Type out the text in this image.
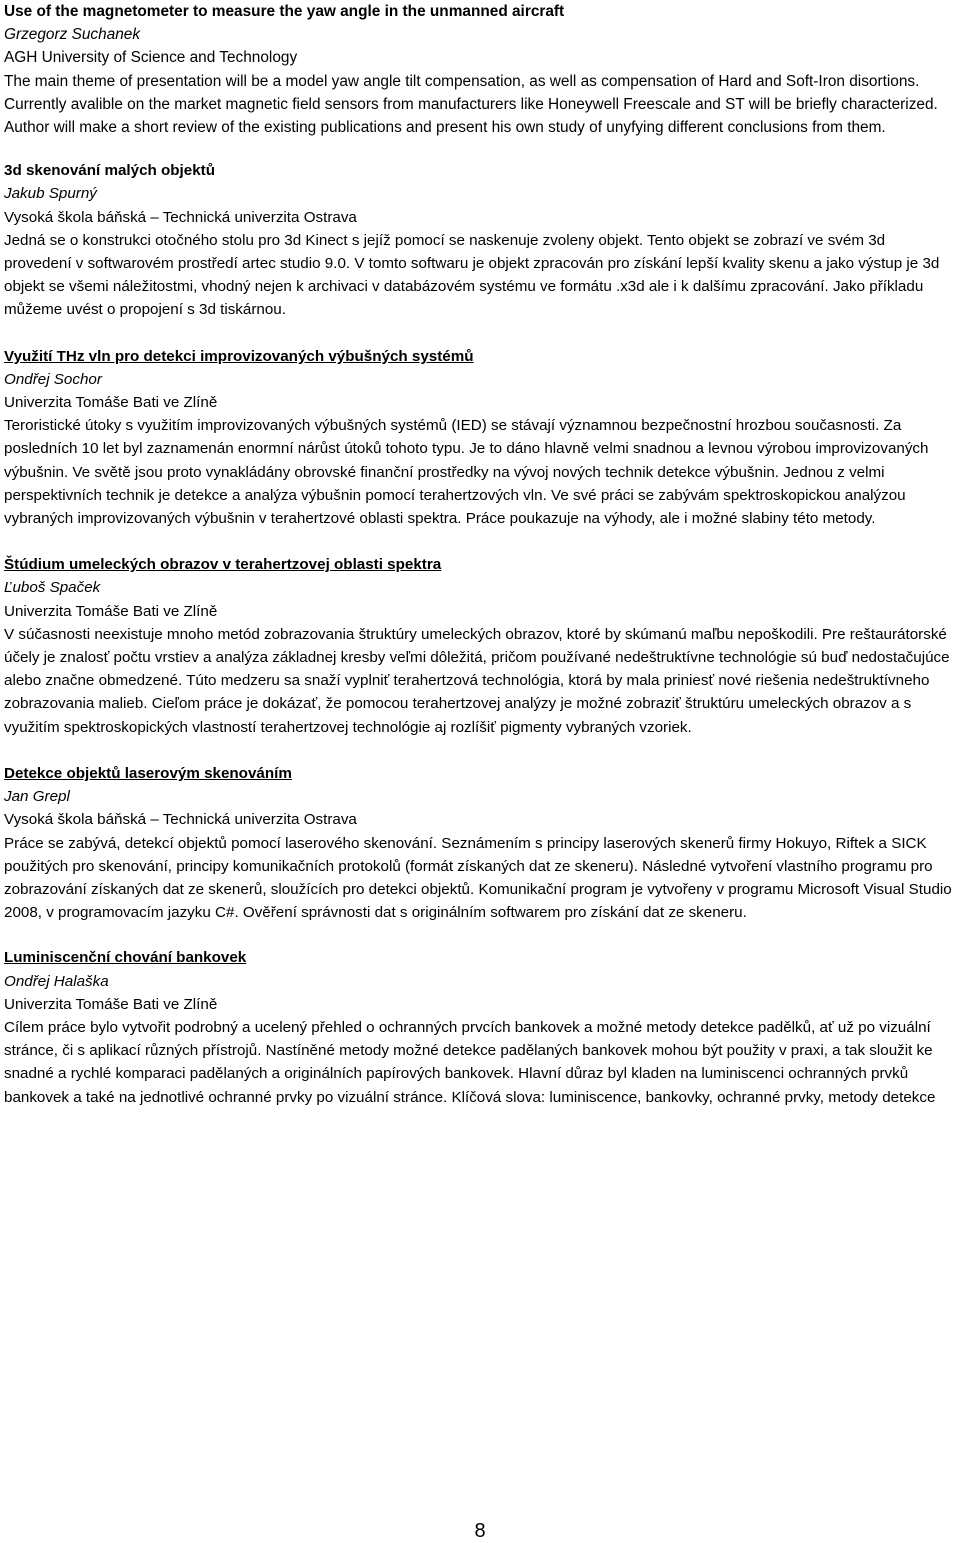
Use of the magnetometer to measure the yaw angle in the unmanned aircraft

Grzegorz Suchanek

AGH University of Science and Technology

The main theme of presentation will be a model yaw angle tilt compensation, as well as compensation of Hard and Soft-Iron disortions. Currently avalible on the market magnetic field sensors from manufacturers like Honeywell Freescale and ST will be briefly characterized. Author will make a short review of the existing publications and present his own study of unyfying different conclusions from them.

3d skenování malých objektů

Jakub Spurný

Vysoká škola báňská – Technická univerzita Ostrava

Jedná se o konstrukci otočného stolu pro 3d Kinect s jejíž pomocí se naskenuje zvoleny objekt. Tento objekt se zobrazí ve svém 3d provedení v softwarovém prostředí artec studio 9.0. V tomto softwaru je objekt zpracován pro získání lepší kvality skenu a jako výstup je 3d objekt se všemi náležitostmi, vhodný nejen k archivaci v databázovém systému ve formátu .x3d ale i k dalšímu zpracování. Jako příkladu můžeme uvést o propojení s 3d tiskárnou.

Využití THz vln pro detekci improvizovaných výbušných systémů

Ondřej Sochor

Univerzita Tomáše Bati ve Zlíně

Teroristické útoky s využitím improvizovaných výbušných systémů (IED) se stávají významnou bezpečnostní hrozbou současnosti. Za posledních 10 let byl zaznamenán enormní nárůst útoků tohoto typu. Je to dáno hlavně velmi snadnou a levnou výrobou improvizovaných výbušnin. Ve světě jsou proto vynakládány obrovské finanční prostředky na vývoj nových technik detekce výbušnin. Jednou z velmi perspektivních technik je detekce a analýza výbušnin pomocí terahertzových vln. Ve své práci se zabývám spektroskopickou analýzou vybraných improvizovaných výbušnin v terahertzové oblasti spektra. Práce poukazuje na výhody, ale i možné slabiny této metody.

Štúdium umeleckých obrazov v terahertzovej oblasti spektra

Ľuboš Spaček

Univerzita Tomáše Bati ve Zlíně

V súčasnosti neexistuje mnoho metód zobrazovania štruktúry umeleckých obrazov, ktoré by skúmanú maľbu nepoškodili. Pre reštaurátorské účely je znalosť počtu vrstiev a analýza základnej kresby veľmi dôležitá, pričom používané nedeštruktívne technológie sú buď nedostačujúce alebo značne obmedzené. Túto medzeru sa snaží vyplniť terahertzová technológia, ktorá by mala priniesť nové riešenia nedeštruktívneho zobrazovania malieb. Cieľom práce je dokázať, že pomocou terahertzovej analýzy je možné zobraziť štruktúru umeleckých obrazov a s využitím spektroskopických vlastností terahertzovej technológie aj rozlíšiť pigmenty vybraných vzoriek.

Detekce objektů laserovým skenováním

Jan Grepl

Vysoká škola báňská – Technická univerzita Ostrava

Práce se zabývá, detekcí objektů pomocí laserového skenování. Seznámením s principy laserových skenerů firmy Hokuyo, Riftek a SICK použitých pro skenování, principy komunikačních protokolů (formát získaných dat ze skeneru). Následné vytvoření vlastního programu pro zobrazování získaných dat ze skenerů, sloužících pro detekci objektů. Komunikační program je vytvořeny v programu Microsoft Visual Studio 2008, v programovacím jazyku C#. Ověření správnosti dat s originálním softwarem pro získání dat ze skeneru.

Luminiscenční chování bankovek

Ondřej Halaška

Univerzita Tomáše Bati ve Zlíně

Cílem práce bylo vytvořit podrobný a ucelený přehled o ochranných prvcích bankovek a možné metody detekce padělků, ať už po vizuální stránce, či s aplikací různých přístrojů. Nastíněné metody možné detekce padělaných bankovek mohou být použity v praxi, a tak sloužit ke snadné a rychlé komparaci padělaných a originálních papírových bankovek. Hlavní důraz byl kladen na luminiscenci ochranných prvků bankovek a také na jednotlivé ochranné prvky po vizuální stránce. Klíčová slova: luminiscence, bankovky, ochranné prvky, metody detekce

8
